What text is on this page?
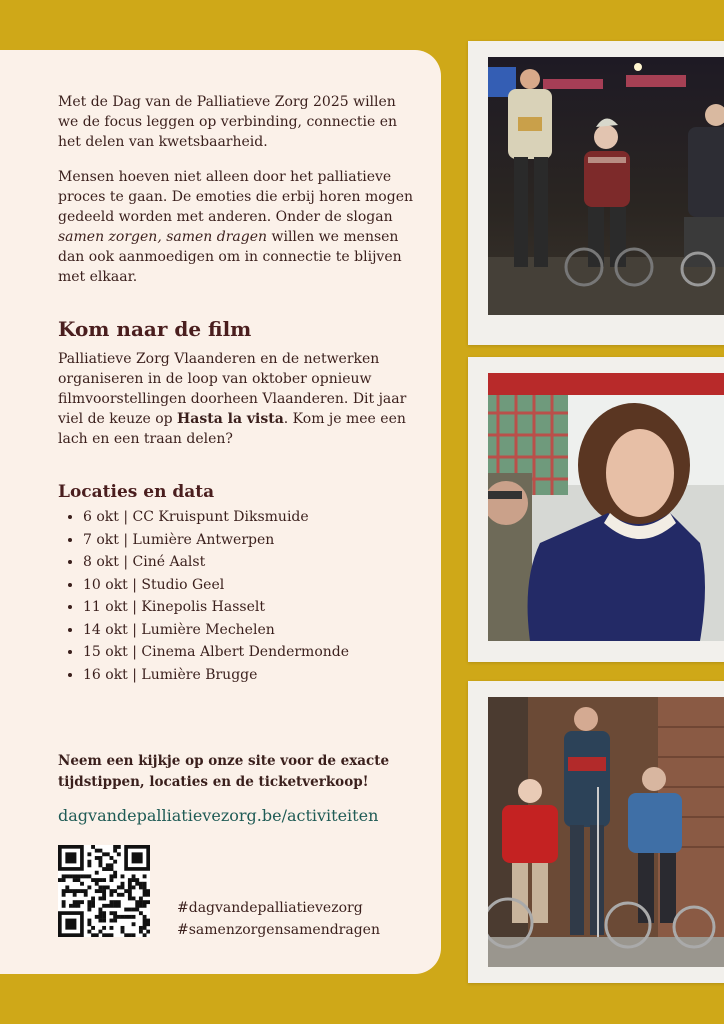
Met de Dag van de Palliatieve Zorg 2025 willen we de focus leggen op verbinding, connectie en het delen van kwetsbaarheid.

Mensen hoeven niet alleen door het palliatieve proces te gaan. De emoties die erbij horen mogen gedeeld worden met anderen. Onder de slogan samen zorgen, samen dragen willen we mensen dan ook aanmoedigen om in connectie te blijven met elkaar.

Kom naar de film

Palliatieve Zorg Vlaanderen en de netwerken organiseren in de loop van oktober opnieuw filmvoorstellingen doorheen Vlaanderen. Dit jaar viel de keuze op Hasta la vista. Kom je mee een lach en een traan delen?

Locaties en data
• 6 okt | CC Kruispunt Diksmuide
• 7 okt | Lumière Antwerpen
• 8 okt | Ciné Aalst
• 10 okt | Studio Geel
• 11 okt | Kinepolis Hasselt
• 14 okt | Lumière Mechelen
• 15 okt | Cinema Albert Dendermonde
• 16 okt | Lumière Brugge
Neem een kijkje op onze site voor de exacte tijdstippen, locaties en de ticketverkoop!
dagvandepalliatievezorg.be/activiteiten
#dagvandepalliatievezorg
#samenzorgensamendragen
